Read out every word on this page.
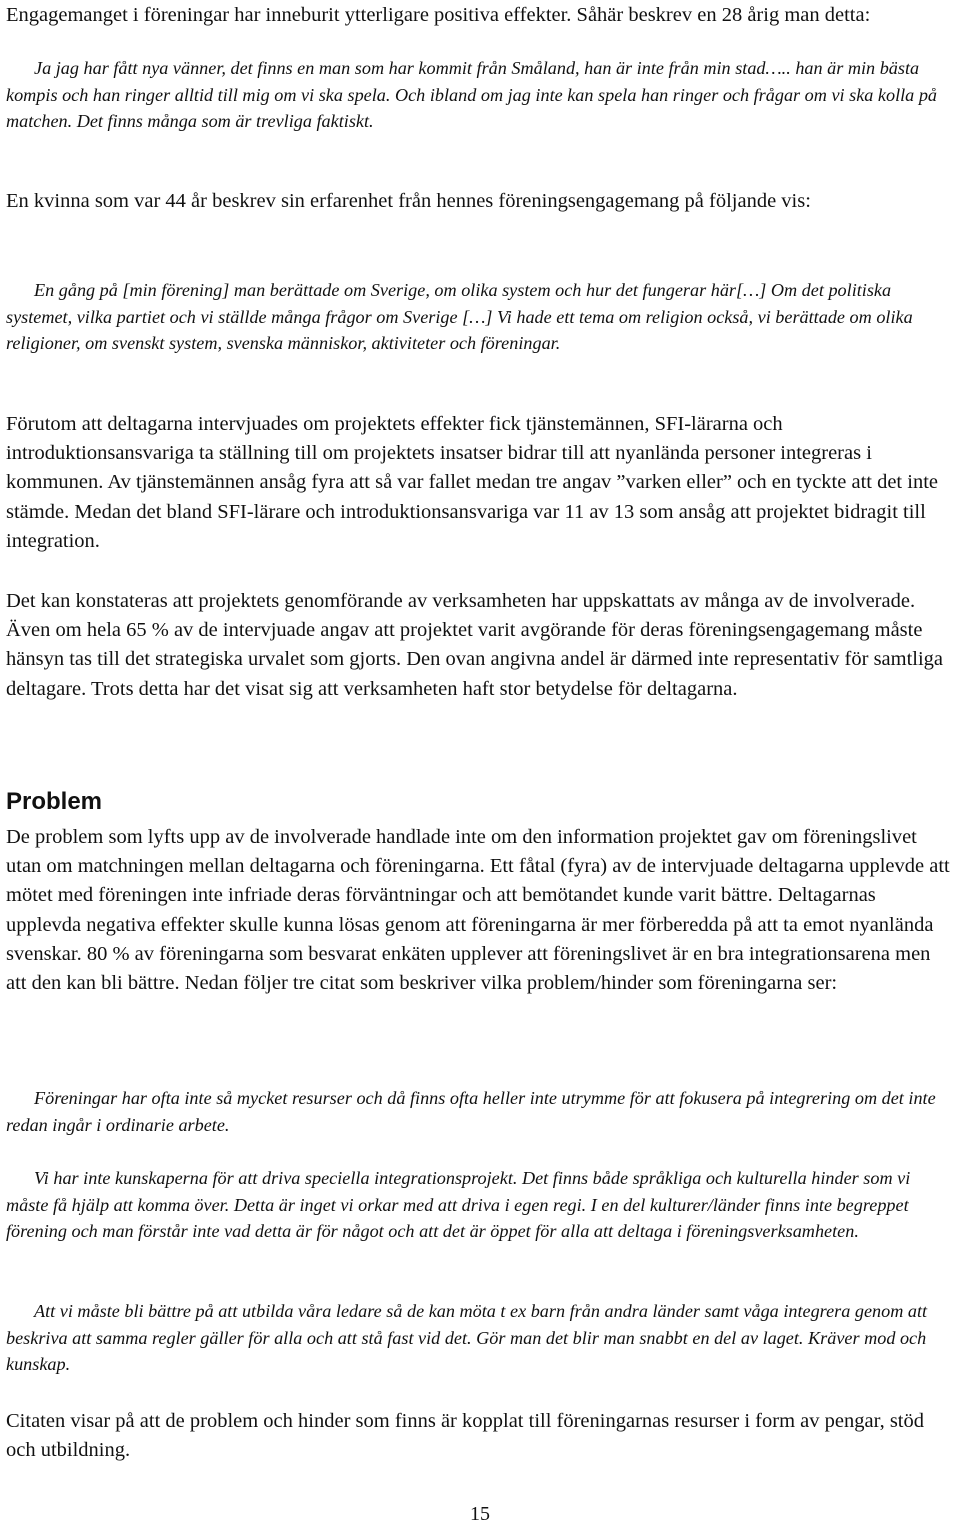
Engagemanget i föreningar har inneburit ytterligare positiva effekter. Såhär beskrev en 28 årig man detta:

Ja jag har fått nya vänner, det finns en man som har kommit från Småland, han är inte från min stad….. han är min bästa kompis och han ringer alltid till mig om vi ska spela. Och ibland om jag inte kan spela han ringer och frågar om vi ska kolla på matchen. Det finns många som är trevliga faktiskt.

En kvinna som var 44 år beskrev sin erfarenhet från hennes föreningsengagemang på följande vis:

En gång på [min förening] man berättade om Sverige, om olika system och hur det fungerar här[…] Om det politiska systemet, vilka partiet och vi ställde många frågor om Sverige […] Vi hade ett tema om religion också, vi berättade om olika religioner, om svenskt system, svenska människor, aktiviteter och föreningar.

Förutom att deltagarna intervjuades om projektets effekter fick tjänstemännen, SFI-lärarna och introduktionsansvariga ta ställning till om projektets insatser bidrar till att nyanlända personer integreras i kommunen. Av tjänstemännen ansåg fyra att så var fallet medan tre angav ”varken eller” och en tyckte att det inte stämde. Medan det bland SFI-lärare och introduktionsansvariga var 11 av 13 som ansåg att projektet bidragit till integration.

Det kan konstateras att projektets genomförande av verksamheten har uppskattats av många av de involverade. Även om hela 65 % av de intervjuade angav att projektet varit avgörande för deras föreningsengagemang måste hänsyn tas till det strategiska urvalet som gjorts. Den ovan angivna andel är därmed inte representativ för samtliga deltagare. Trots detta har det visat sig att verksamheten haft stor betydelse för deltagarna.

Problem

De problem som lyfts upp av de involverade handlade inte om den information projektet gav om föreningslivet utan om matchningen mellan deltagarna och föreningarna. Ett fåtal (fyra) av de intervjuade deltagarna upplevde att mötet med föreningen inte infriade deras förväntningar och att bemötandet kunde varit bättre. Deltagarnas upplevda negativa effekter skulle kunna lösas genom att föreningarna är mer förberedda på att ta emot nyanlända svenskar. 80 % av föreningarna som besvarat enkäten upplever att föreningslivet är en bra integrationsarena men att den kan bli bättre. Nedan följer tre citat som beskriver vilka problem/hinder som föreningarna ser:

Föreningar har ofta inte så mycket resurser och då finns ofta heller inte utrymme för att fokusera på integrering om det inte redan ingår i ordinarie arbete.

Vi har inte kunskaperna för att driva speciella integrationsprojekt. Det finns både språkliga och kulturella hinder som vi måste få hjälp att komma över. Detta är inget vi orkar med att driva i egen regi. I en del kulturer/länder finns inte begreppet förening och man förstår inte vad detta är för något och att det är öppet för alla att deltaga i föreningsverksamheten.

Att vi måste bli bättre på att utbilda våra ledare så de kan möta t ex barn från andra länder samt våga integrera genom att beskriva att samma regler gäller för alla och att stå fast vid det. Gör man det blir man snabbt en del av laget. Kräver mod och kunskap.

Citaten visar på att de problem och hinder som finns är kopplat till föreningarnas resurser i form av pengar, stöd och utbildning.

15
